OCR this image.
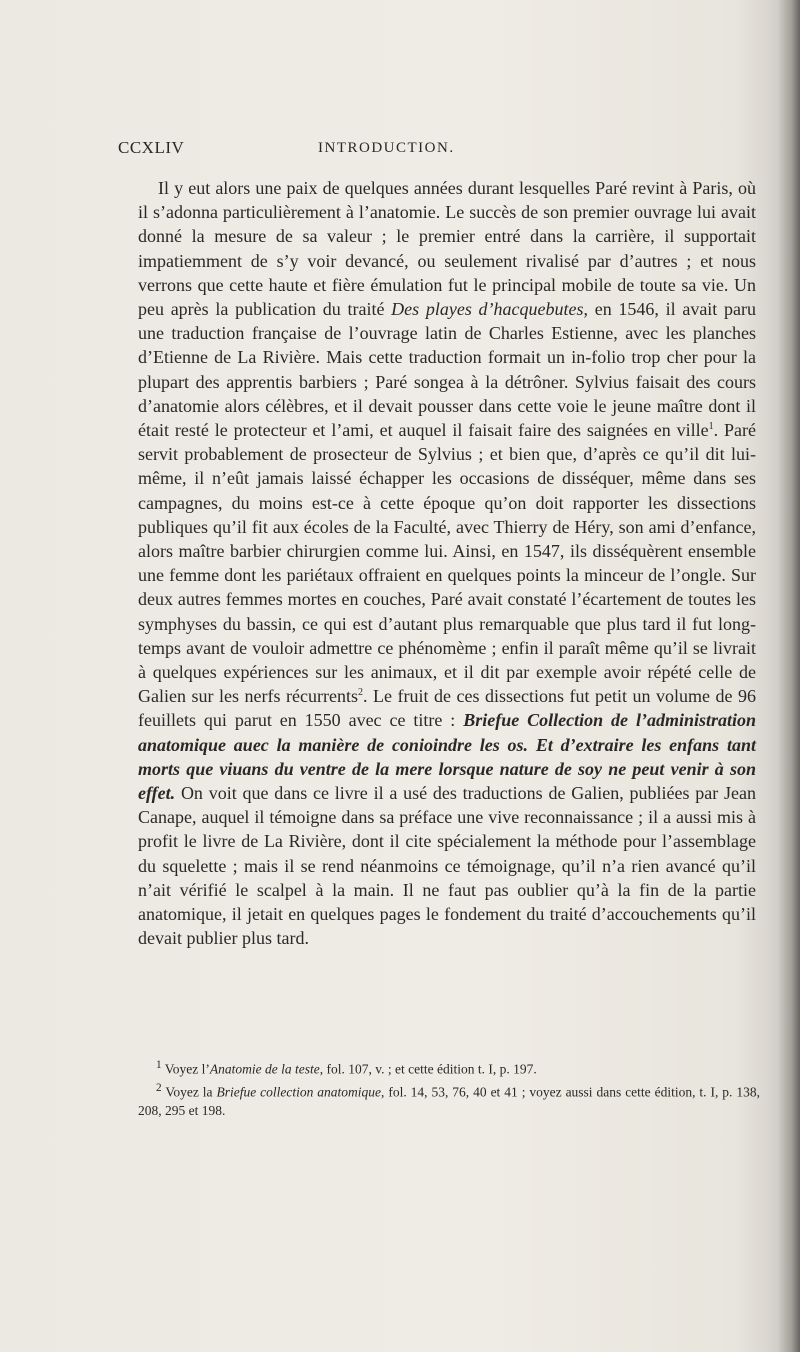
CCXLIV	INTRODUCTION.

Il y eut alors une paix de quelques années durant lesquelles Paré revint à Paris, où il s’adonna particulièrement à l’anatomie. Le succès de son premier ouvrage lui avait donné la mesure de sa valeur ; le premier entré dans la carrière, il supportait impatiemment de s’y voir devancé, ou seulement rivalisé par d’autres ; et nous verrons que cette haute et fière émulation fut le principal mobile de toute sa vie. Un peu après la publication du traité Des playes d’hacquebutes, en 1546, il avait paru une traduction française de l’ouvrage latin de Charles Estienne, avec les planches d’Etienne de La Rivière. Mais cette traduction formait un in-folio trop cher pour la plupart des apprentis barbiers ; Paré songea à la détrôner. Sylvius faisait des cours d’anatomie alors célèbres, et il devait pousser dans cette voie le jeune maître dont il était resté le protecteur et l’ami, et auquel il faisait faire des saignées en ville$^1$. Paré servit probablement de prosecteur de Sylvius ; et bien que, d’après ce qu’il dit lui-même, il n’eût jamais laissé échapper les occasions de disséquer, même dans ses campagnes, du moins est-ce à cette époque qu’on doit rapporter les dissections publiques qu’il fit aux écoles de la Faculté, avec Thierry de Héry, son ami d’enfance, alors maître barbier chirurgien comme lui. Ainsi, en 1547, ils disséquèrent ensemble une femme dont les pariétaux offraient en quelques points la minceur de l’ongle. Sur deux autres femmes mortes en couches, Paré avait constaté l’écartement de toutes les symphyses du bassin, ce qui est d’autant plus remarquable que plus tard il fut long-temps avant de vouloir admettre ce phénomème ; enfin il paraît même qu’il se livrait à quelques expériences sur les animaux, et il dit par exemple avoir répété celle de Galien sur les nerfs récurrents$^2$. Le fruit de ces dissections fut petit un volume de 96 feuillets qui parut en 1550 avec ce titre : Briefue Collection de l’administration anatomique auec la manière de conioindre les os. Et d’extraire les enfans tant morts que viuans du ventre de la mere lorsque nature de soy ne peut venir à son effet. On voit que dans ce livre il a usé des traductions de Galien, publiées par Jean Canape, auquel il témoigne dans sa préface une vive reconnaissance ; il a aussi mis à profit le livre de La Rivière, dont il cite spécialement la méthode pour l’assemblage du squelette ; mais il se rend néanmoins ce témoignage, qu’il n’a rien avancé qu’il n’ait vérifié le scalpel à la main. Il ne faut pas oublier qu’à la fin de la partie anatomique, il jetait en quelques pages le fondement du traité d’accouchements qu’il devait publier plus tard.

$^1$ Voyez l’Anatomie de la teste, fol. 107, v. ; et cette édition t. I, p. 197.

$^2$ Voyez la Briefue collection anatomique, fol. 14, 53, 76, 40 et 41 ; voyez aussi dans cette édition, t. I, p. 138, 208, 295 et 198.
